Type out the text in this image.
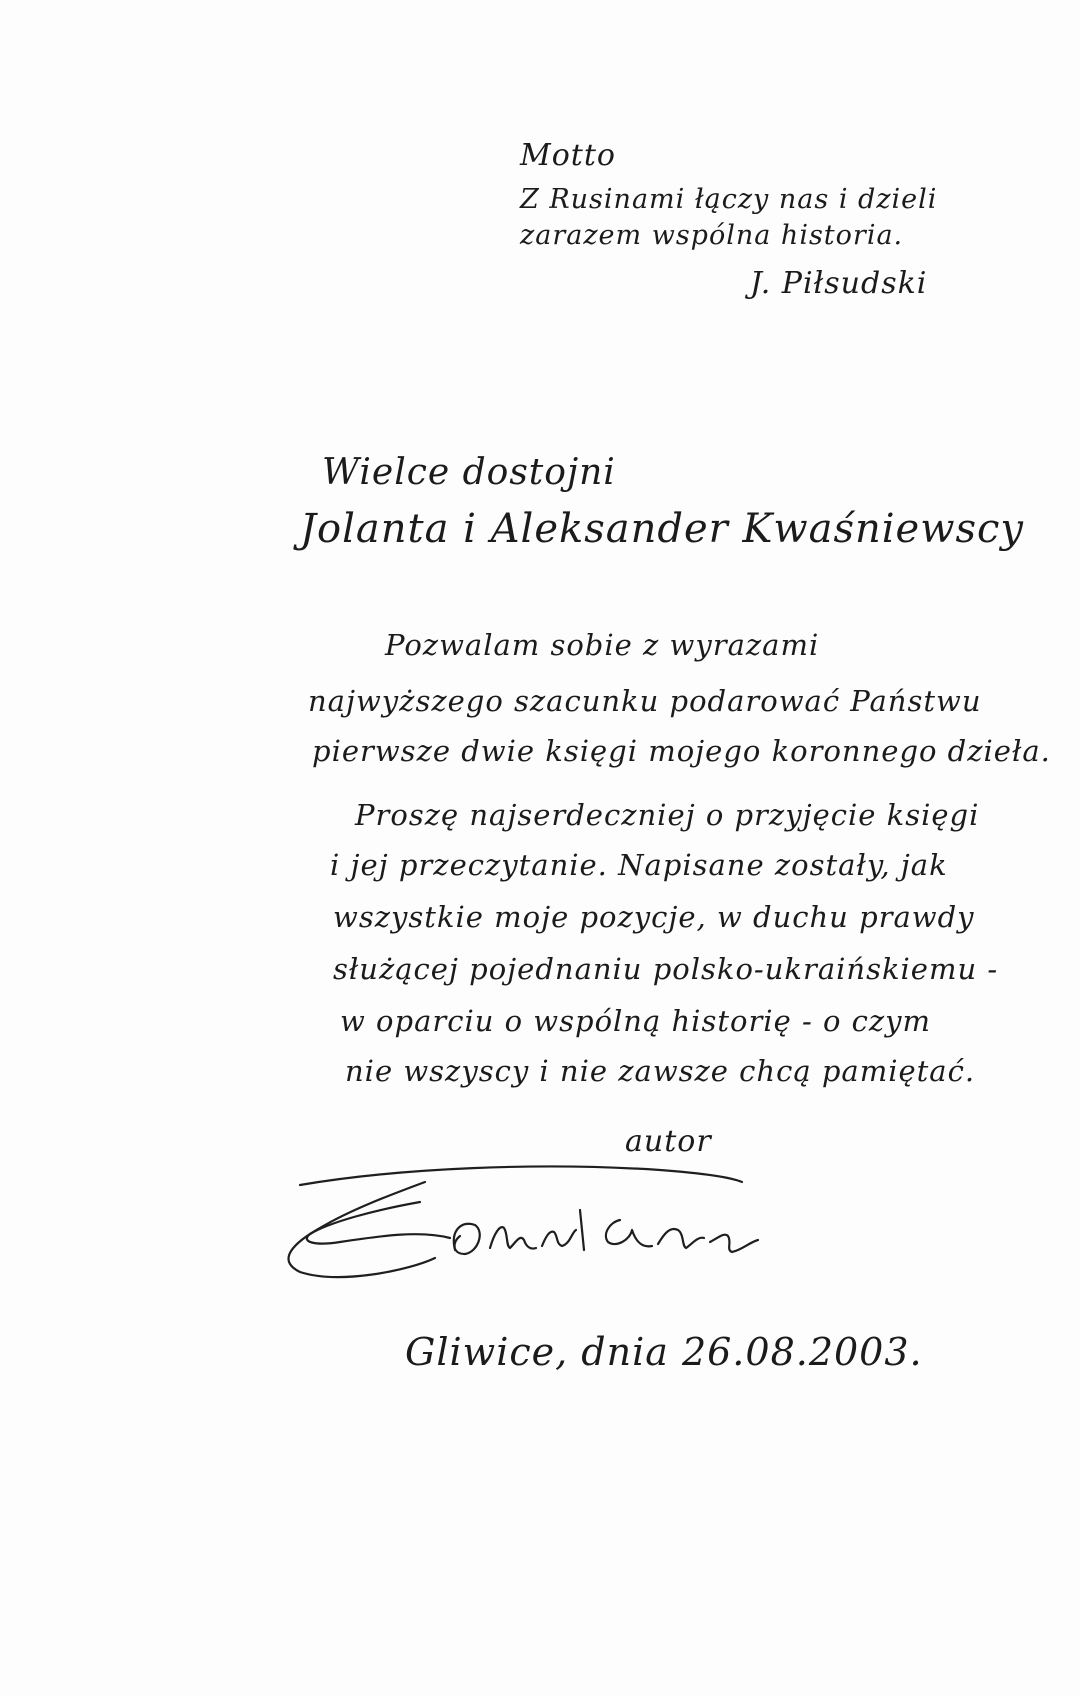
Motto
Z Rusinami łączy nas i dzieli
zarazem wspólna historia.
J. Piłsudski
Wielce dostojni
Jolanta i Aleksander Kwaśniewscy
Pozwalam sobie z wyrazami
najwyższego szacunku podarować Państwu
pierwsze dwie księgi mojego koronnego dzieła.
Proszę najserdeczniej o przyjęcie księgi
i jej przeczytanie. Napisane zostały, jak
wszystkie moje pozycje, w duchu prawdy
służącej pojednaniu polsko-ukraińskiemu -
w oparciu o wspólną historię - o czym
nie wszyscy i nie zawsze chcą pamiętać.
autor
Gliwice, dnia 26.08.2003.
